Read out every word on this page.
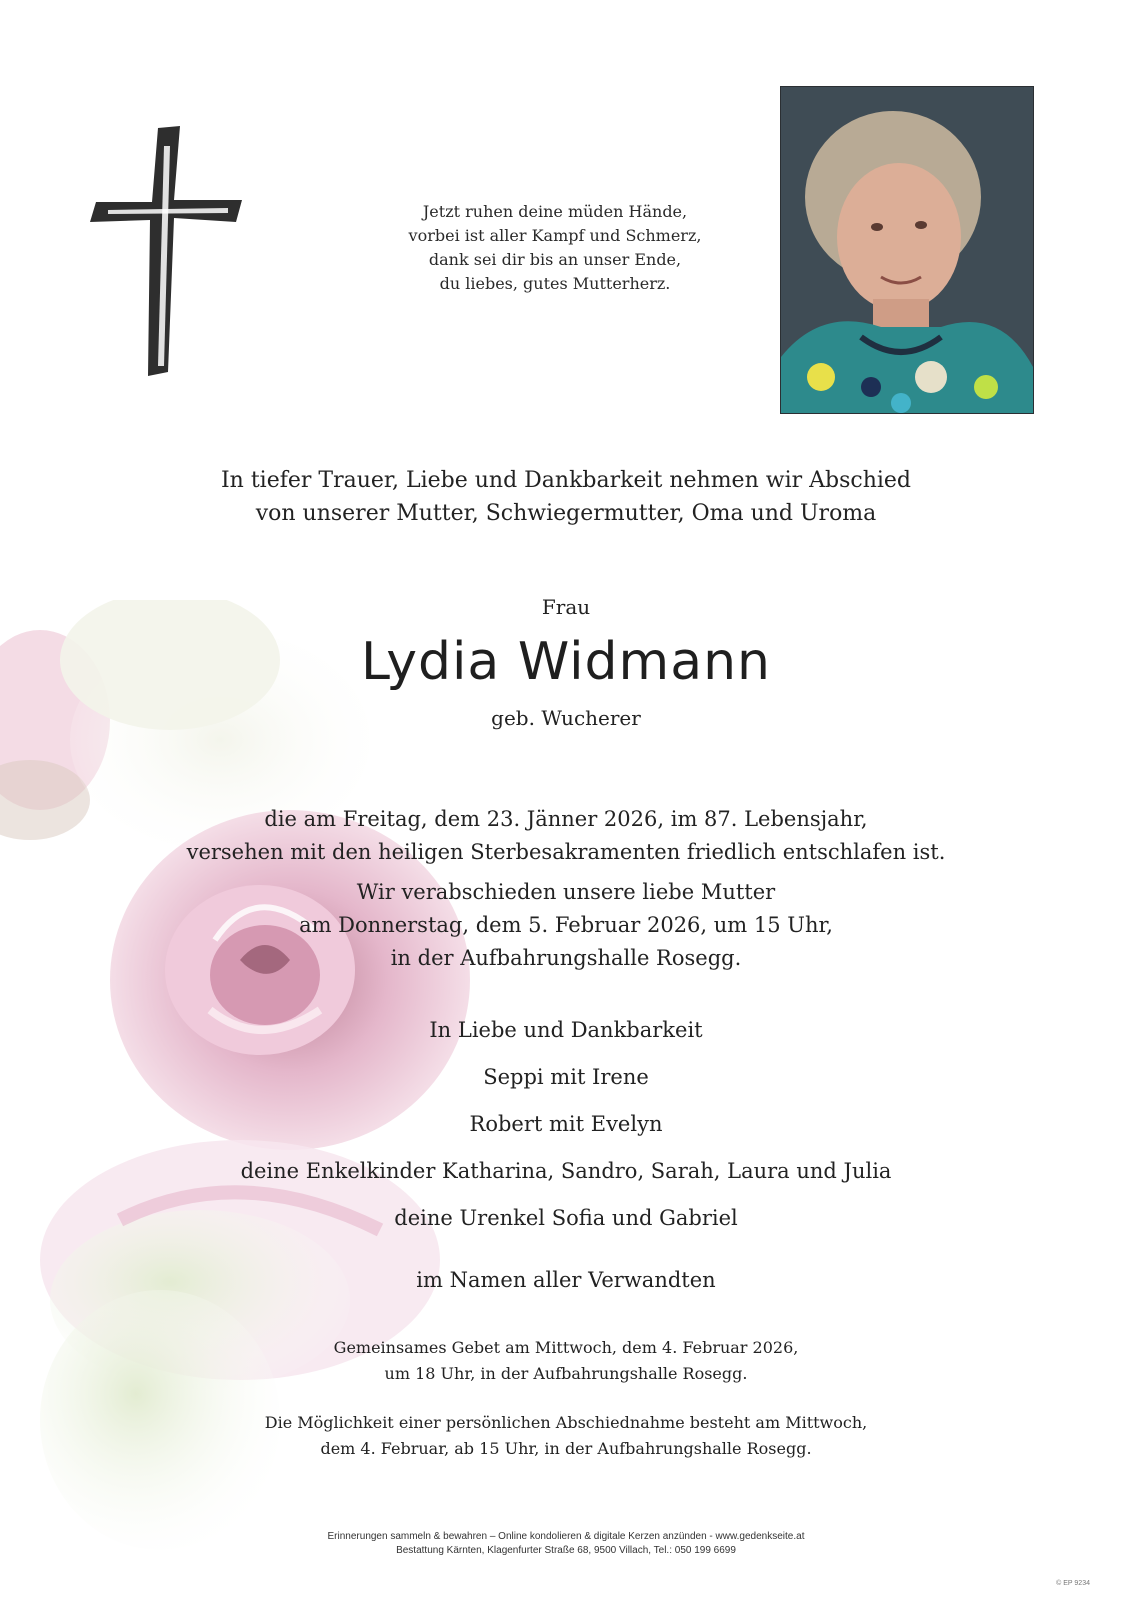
Jetzt ruhen deine müden Hände,
vorbei ist aller Kampf und Schmerz,
dank sei dir bis an unser Ende,
du liebes, gutes Mutterherz.
In tiefer Trauer, Liebe und Dankbarkeit nehmen wir Abschied
von unserer Mutter, Schwiegermutter, Oma und Uroma
Frau
Lydia Widmann
geb. Wucherer
die am Freitag, dem 23. Jänner 2026, im 87. Lebensjahr,
versehen mit den heiligen Sterbesakramenten friedlich entschlafen ist.
Wir verabschieden unsere liebe Mutter
am Donnerstag, dem 5. Februar 2026, um 15 Uhr,
in der Aufbahrungshalle Rosegg.
In Liebe und Dankbarkeit
Seppi mit Irene
Robert mit Evelyn
deine Enkelkinder Katharina, Sandro, Sarah, Laura und Julia
deine Urenkel Sofia und Gabriel
im Namen aller Verwandten
Gemeinsames Gebet am Mittwoch, dem 4. Februar 2026,
um 18 Uhr, in der Aufbahrungshalle Rosegg.
Die Möglichkeit einer persönlichen Abschiednahme besteht am Mittwoch,
dem 4. Februar, ab 15 Uhr, in der Aufbahrungshalle Rosegg.
Erinnerungen sammeln & bewahren – Online kondolieren & digitale Kerzen anzünden - www.gedenkseite.at
Bestattung Kärnten, Klagenfurter Straße 68, 9500 Villach, Tel.: 050 199 6699
© EP 9234
